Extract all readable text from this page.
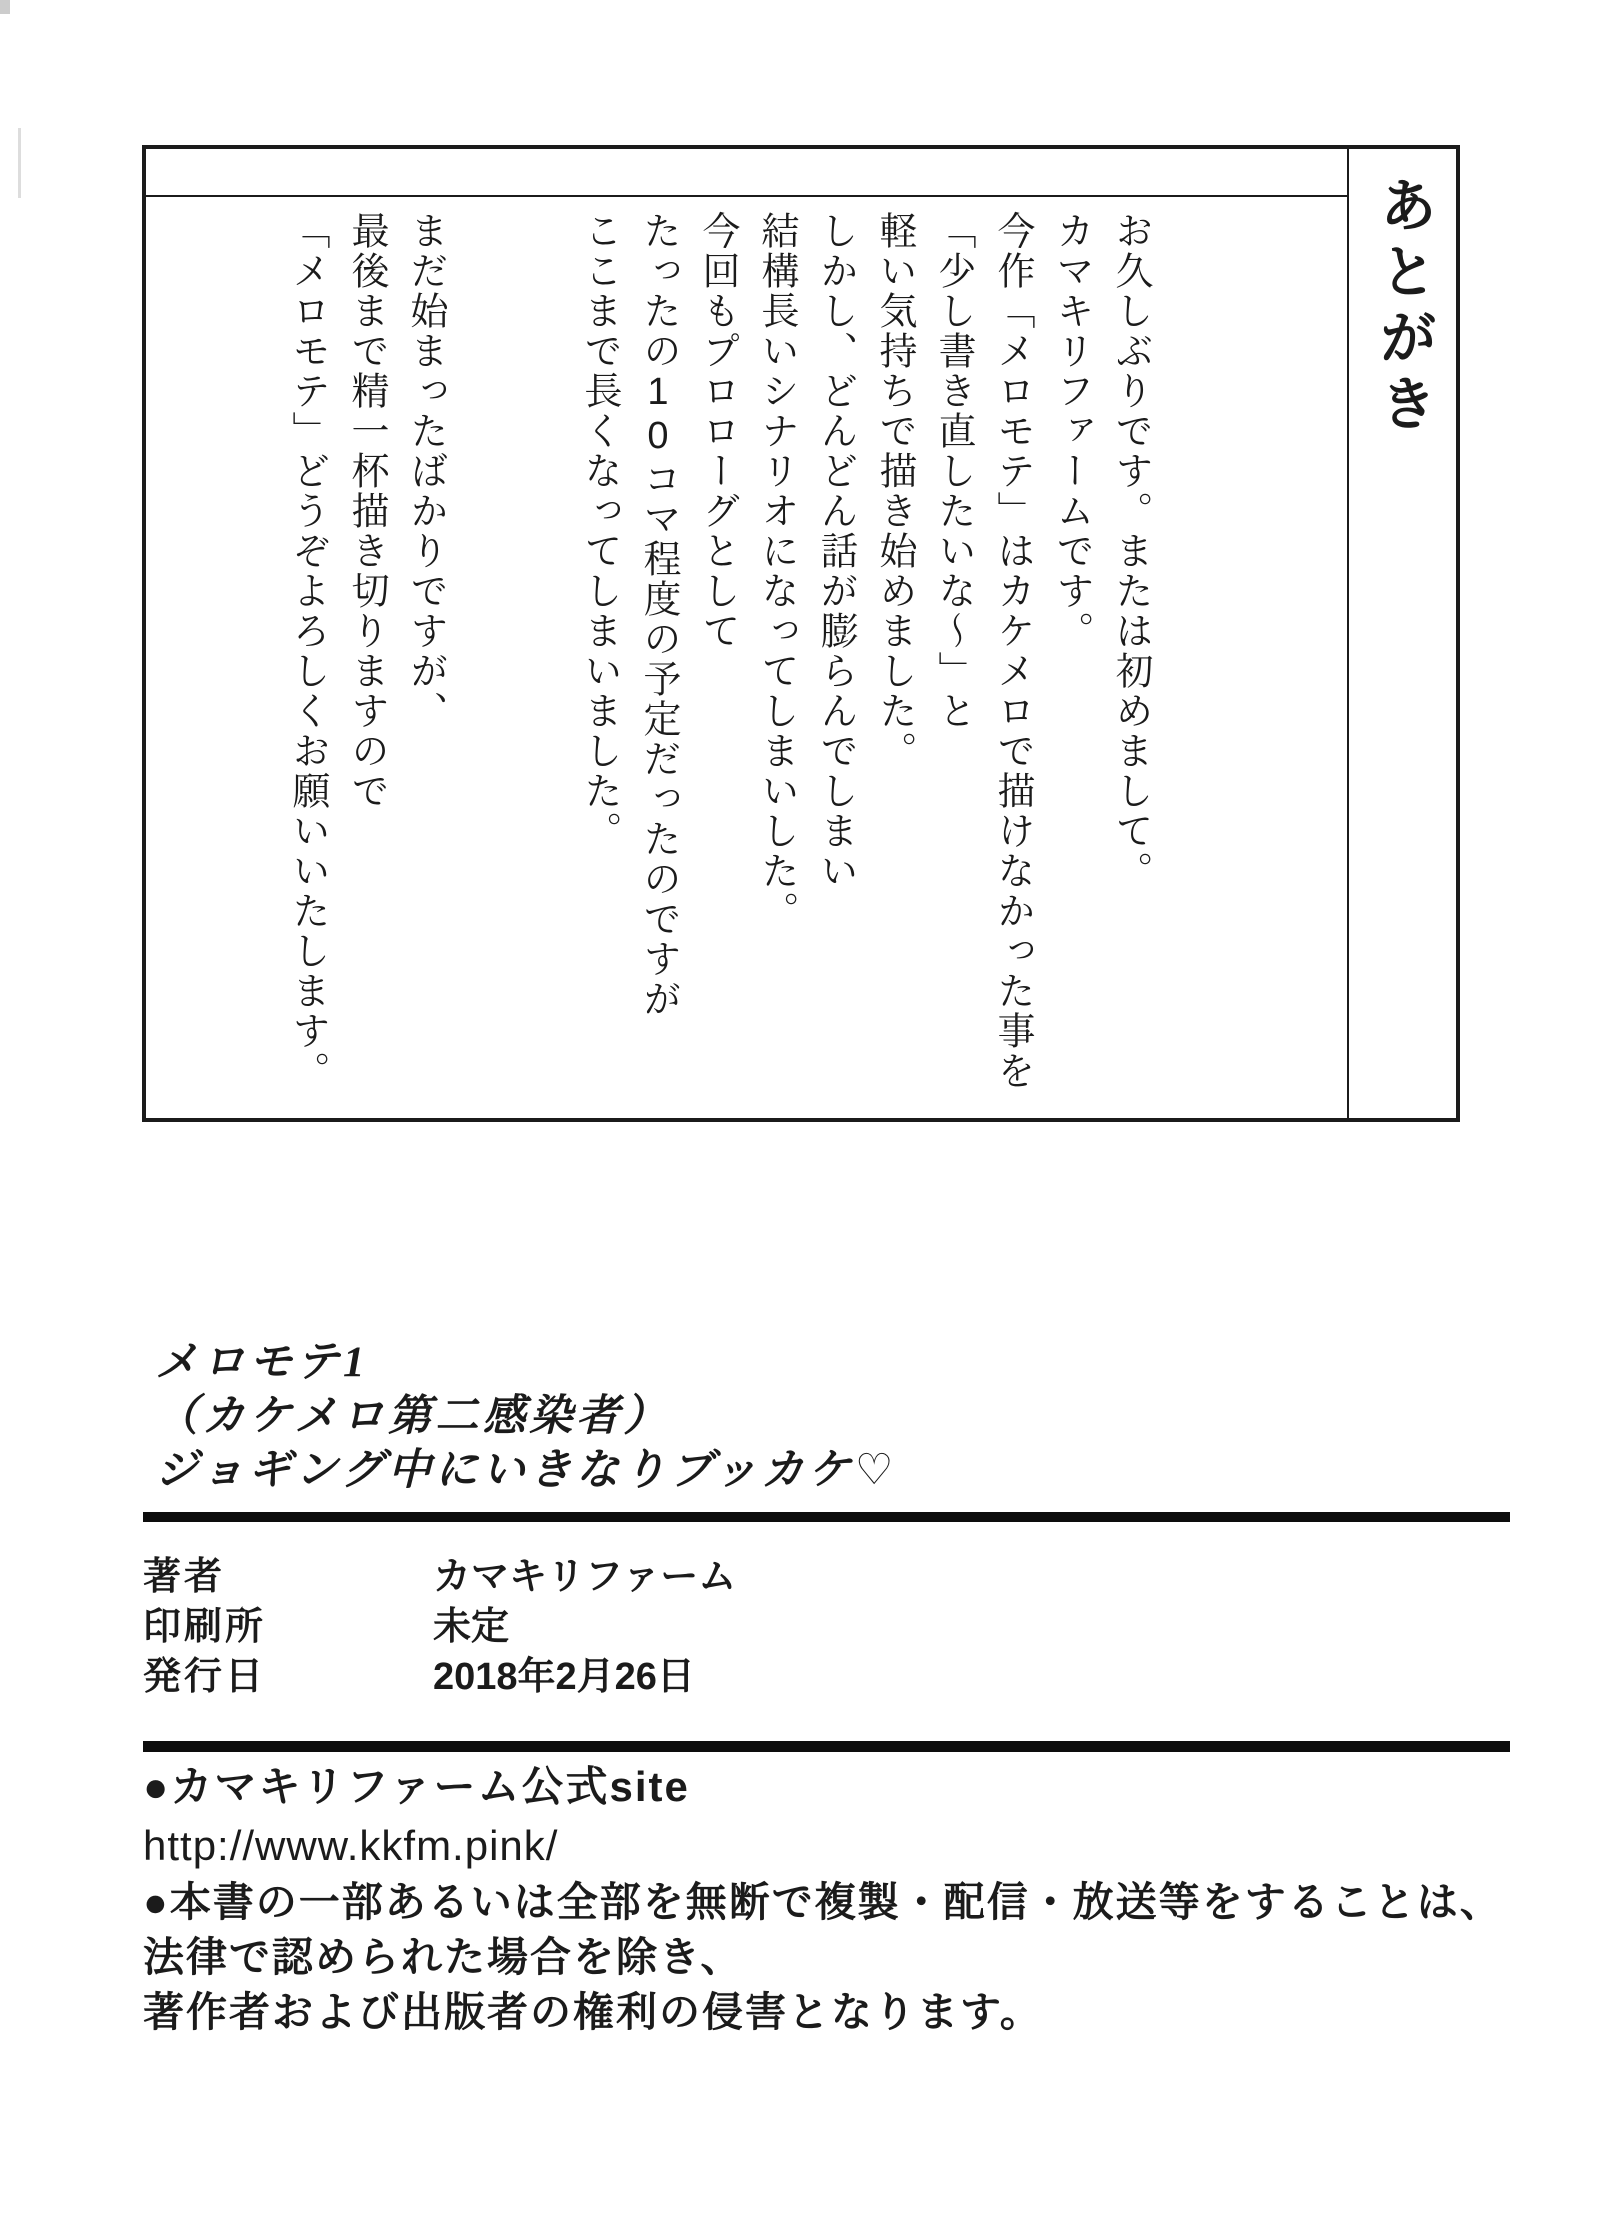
あとがき

お久しぶりです。または初めまして。

カマキリファームです。

今作「メロモテ」はカケメロで描けなかった事を

「少し書き直したいな〜」と

軽い気持ちで描き始めました。

しかし、どんどん話が膨らんでしまい

結構長いシナリオになってしまいした。

今回もプロローグとして

たったの10コマ程度の予定だったのですが

ここまで長くなってしまいました。

まだ始まったばかりですが、

最後まで精一杯描き切りますので

「メロモテ」どうぞよろしくお願いいたします。

メロモテ1
（カケメロ第二感染者）
ジョギング中にいきなりブッカケ♡
著者	カマキリファーム
印刷所	未定
発行日	2018年2月26日
●カマキリファーム公式site
http://www.kkfm.pink/
●本書の一部あるいは全部を無断で複製・配信・放送等をすることは、
法律で認められた場合を除き、
著作者および出版者の権利の侵害となります。
